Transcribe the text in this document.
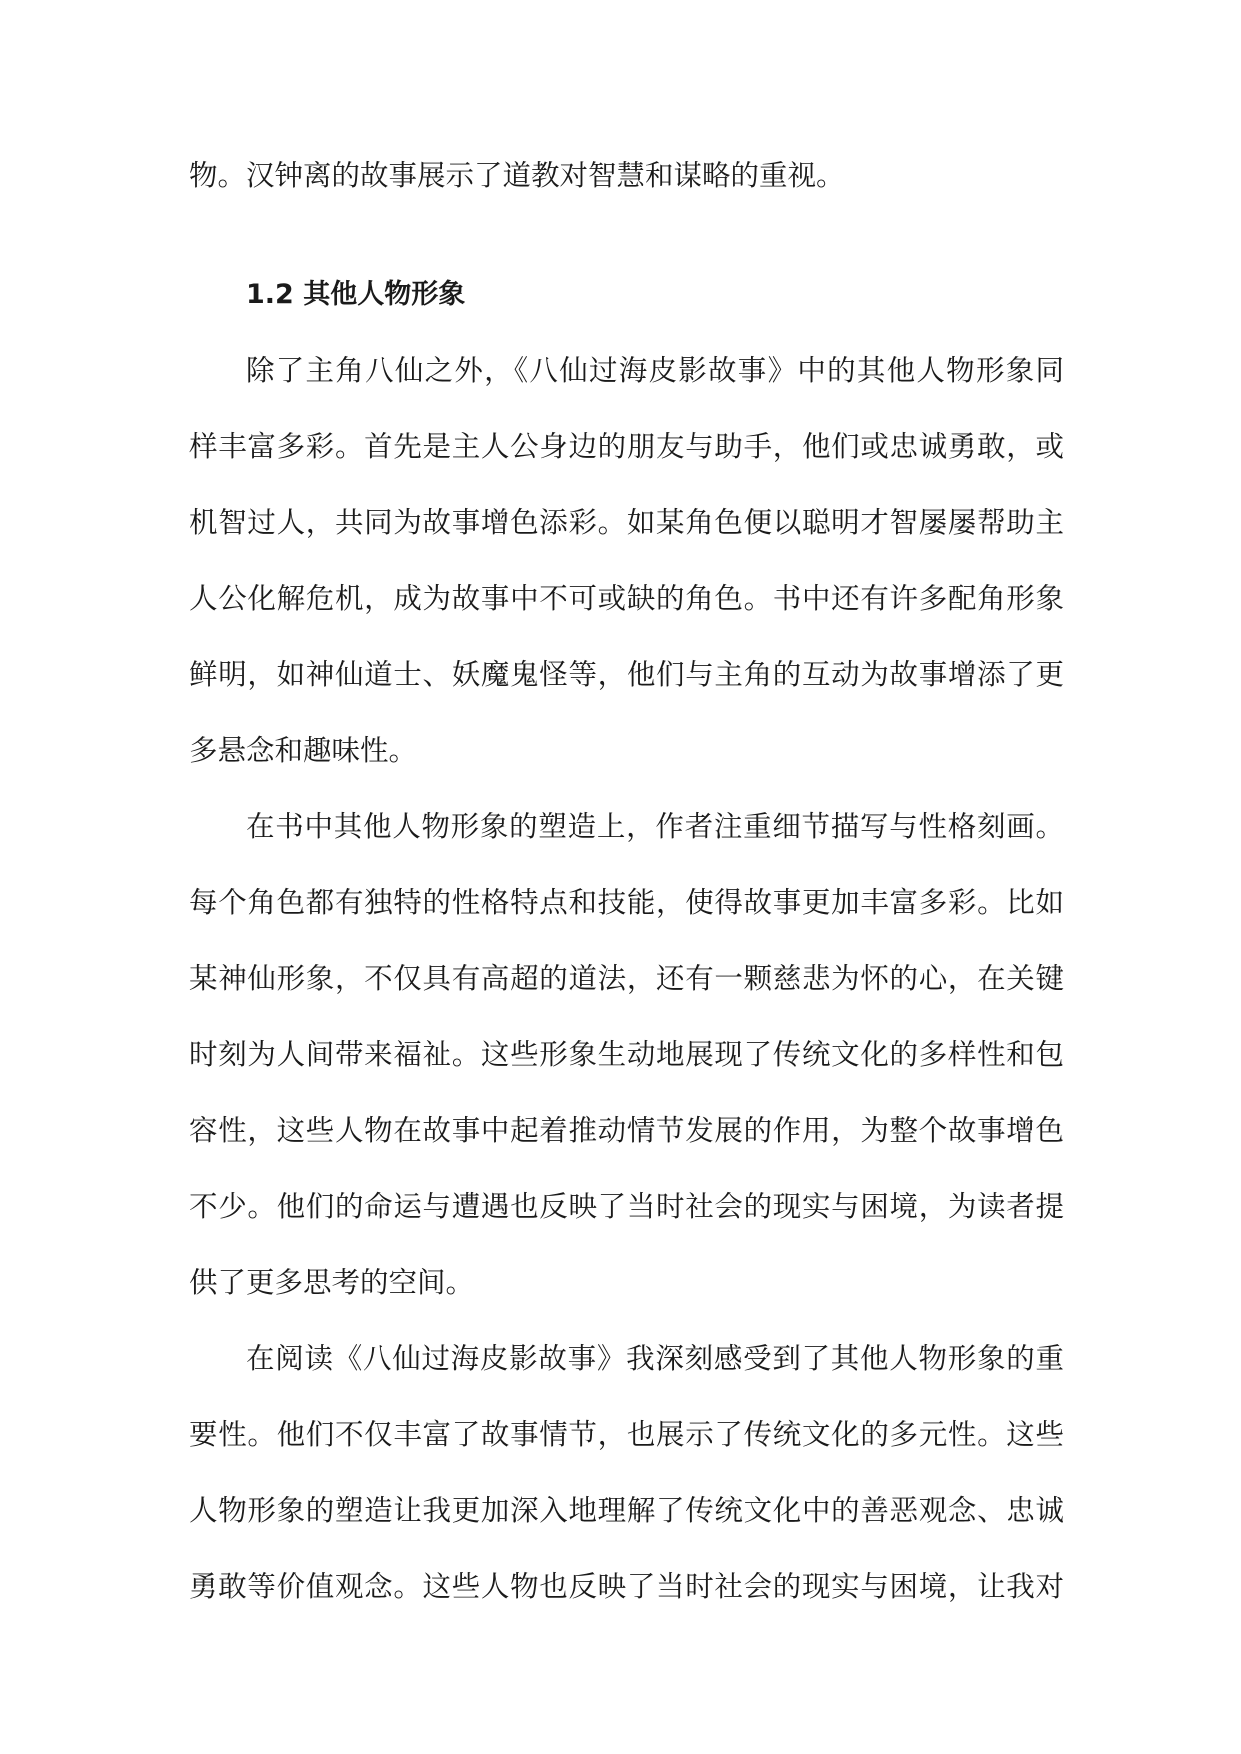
物。汉钟离的故事展示了道教对智慧和谋略的重视。
1.2 其他人物形象
除了主角八仙之外，《八仙过海皮影故事》中的其他人物形象同
样丰富多彩。首先是主人公身边的朋友与助手，他们或忠诚勇敢，或
机智过人，共同为故事增色添彩。如某角色便以聪明才智屡屡帮助主
人公化解危机，成为故事中不可或缺的角色。书中还有许多配角形象
鲜明，如神仙道士、妖魔鬼怪等，他们与主角的互动为故事增添了更
多悬念和趣味性。
在书中其他人物形象的塑造上，作者注重细节描写与性格刻画。
每个角色都有独特的性格特点和技能，使得故事更加丰富多彩。比如
某神仙形象，不仅具有高超的道法，还有一颗慈悲为怀的心，在关键
时刻为人间带来福祉。这些形象生动地展现了传统文化的多样性和包
容性，这些人物在故事中起着推动情节发展的作用，为整个故事增色
不少。他们的命运与遭遇也反映了当时社会的现实与困境，为读者提
供了更多思考的空间。
在阅读《八仙过海皮影故事》我深刻感受到了其他人物形象的重
要性。他们不仅丰富了故事情节，也展示了传统文化的多元性。这些
人物形象的塑造让我更加深入地理解了传统文化中的善恶观念、忠诚
勇敢等价值观念。这些人物也反映了当时社会的现实与困境，让我对
